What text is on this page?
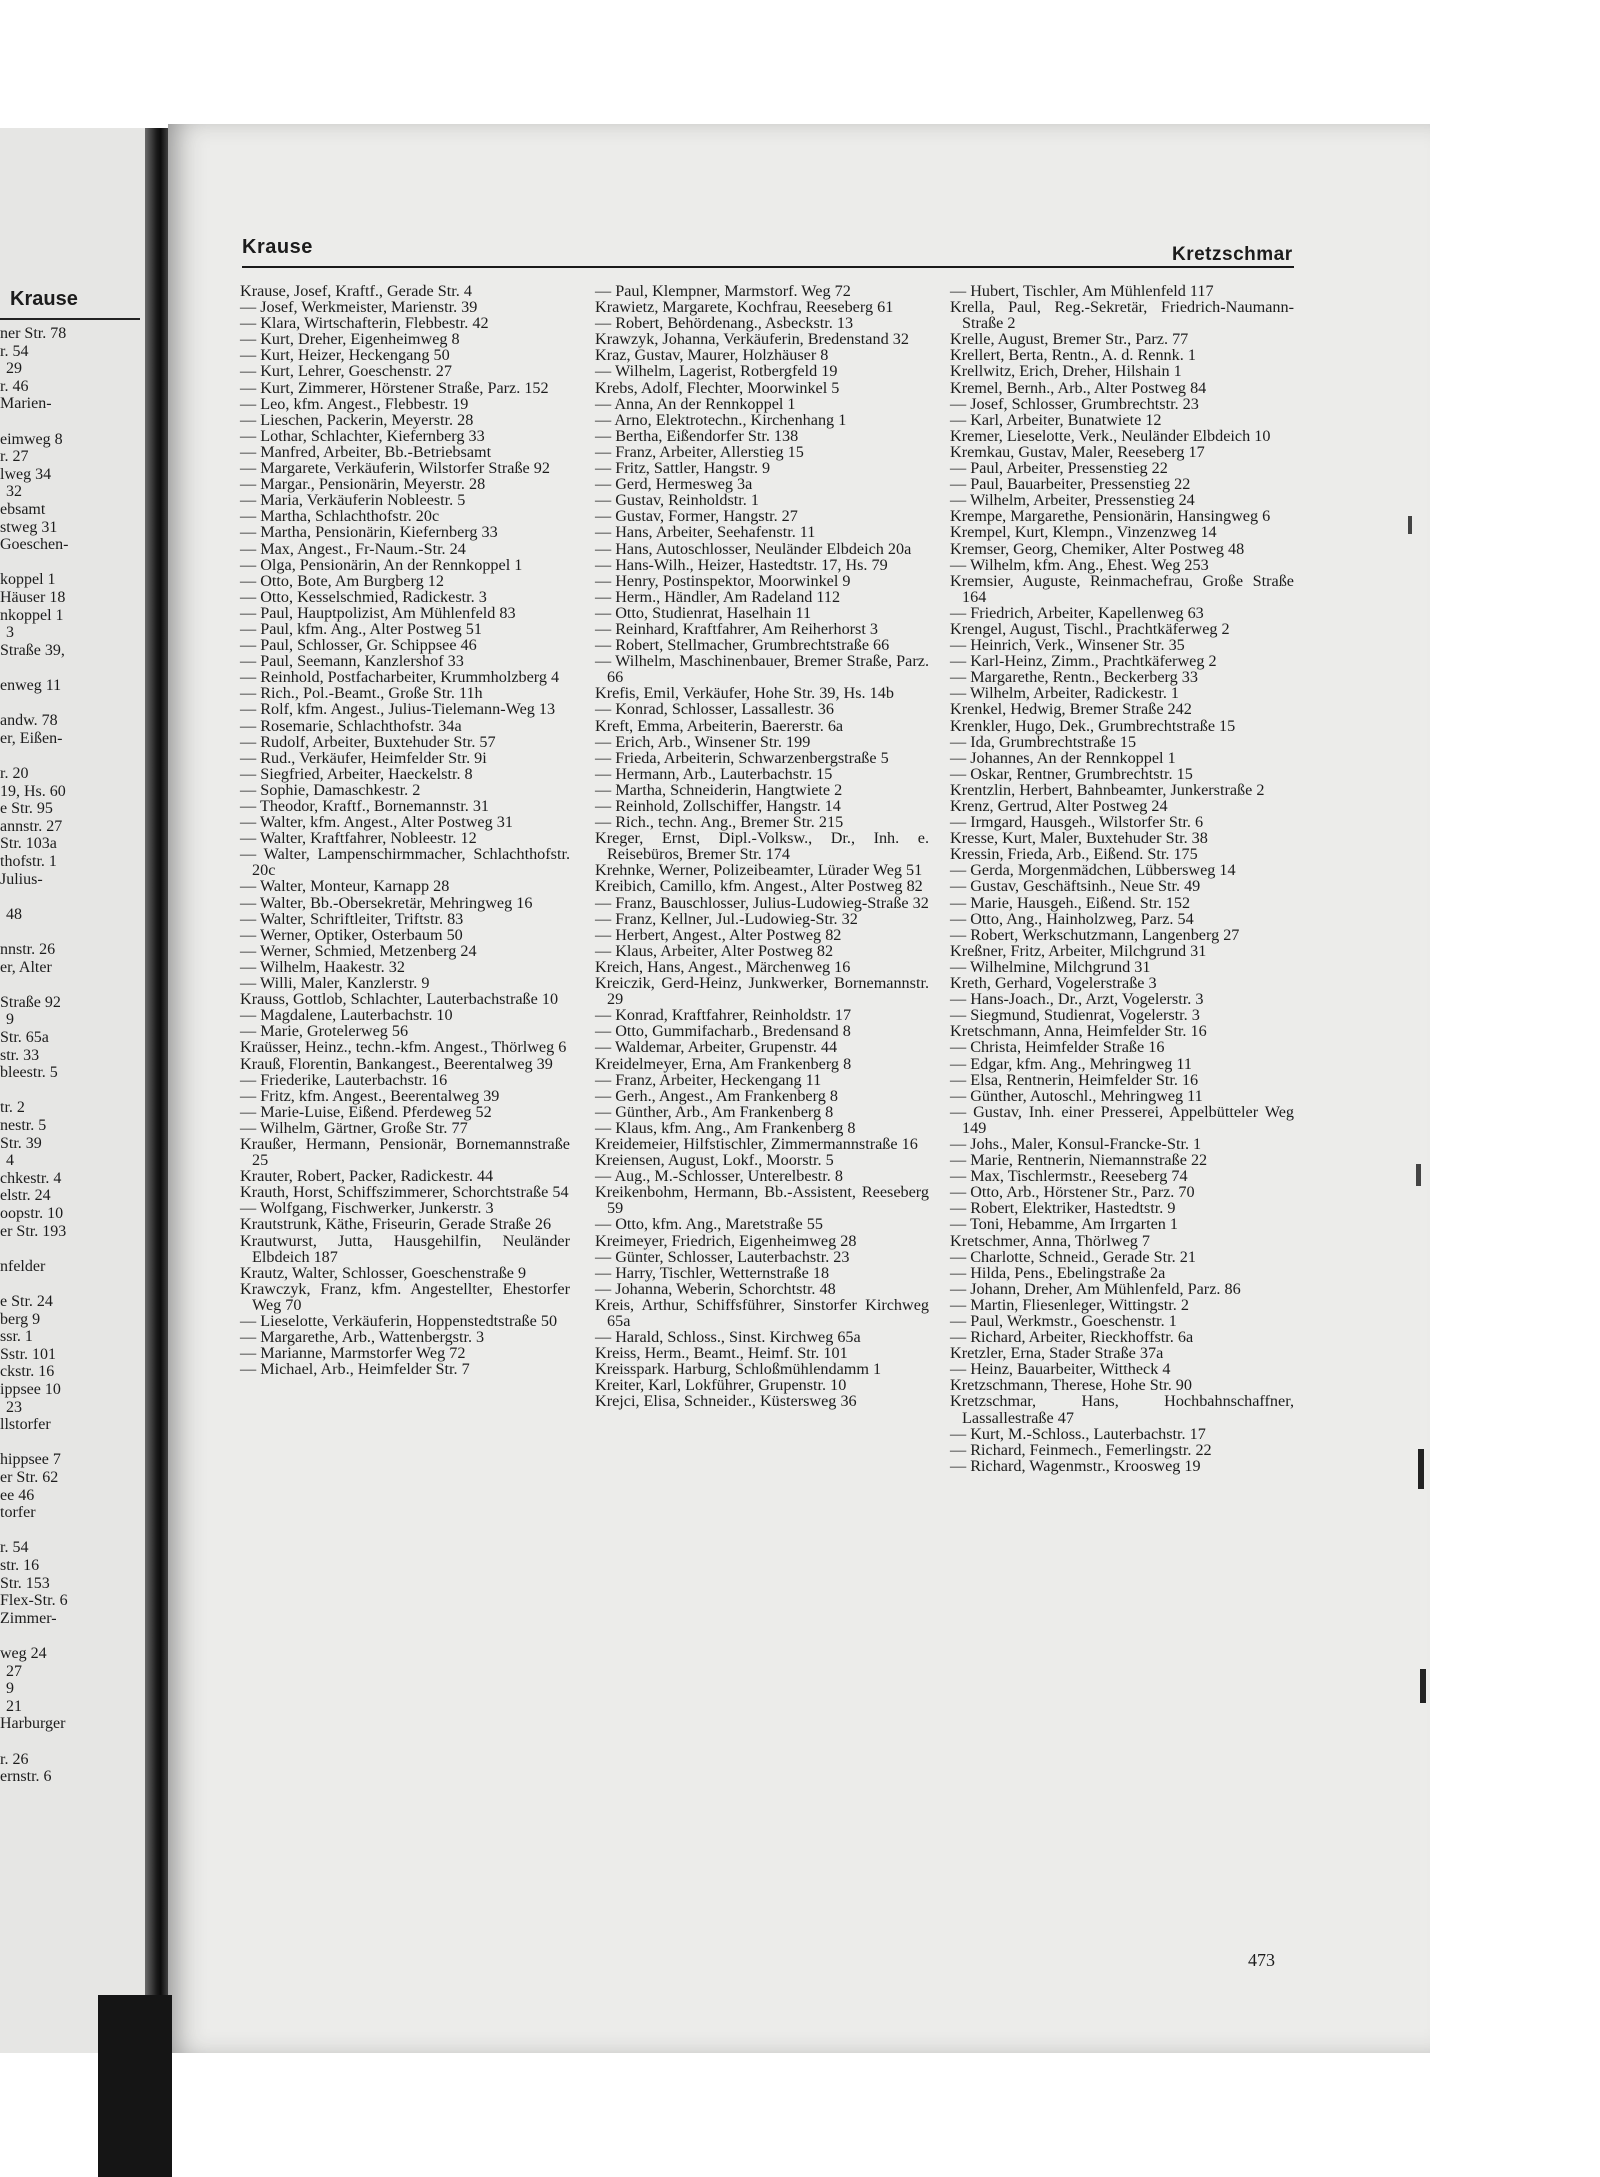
Krause
ner Str. 78
r. 54
29
r. 46
Marien-
eimweg 8
r. 27
lweg 34
32
ebsamt
stweg 31
Goeschen-
koppel 1
Häuser 18
nkoppel 1
3
Straße 39,
enweg 11
andw. 78
er, Eißen-
r. 20
19, Hs. 60
e Str. 95
annstr. 27
Str. 103a
thofstr. 1
Julius-
48
nnstr. 26
er, Alter
Straße 92
9
Str. 65a
str. 33
bleestr. 5
tr. 2
nestr. 5
Str. 39
4
chkestr. 4
elstr. 24
oopstr. 10
er Str. 193
nfelder
e Str. 24
berg 9
ssr. 1
Sstr. 101
ckstr. 16
ippsee 10
23
llstorfer
hippsee 7
er Str. 62
ee 46
torfer
r. 54
str. 16
Str. 153
Flex-Str. 6
Zimmer-
weg 24
27
9
21
Harburger
r. 26
ernstr. 6
Krause	Kretzschmar
Krause, Josef, Kraftf., Gerade Str. 4
— Josef, Werkmeister, Marienstr. 39
— Klara, Wirtschafterin, Flebbestr. 42
— Kurt, Dreher, Eigenheimweg 8
— Kurt, Heizer, Heckengang 50
— Kurt, Lehrer, Goeschenstr. 27
— Kurt, Zimmerer, Hörstener Straße, Parz. 152
— Leo, kfm. Angest., Flebbestr. 19
— Lieschen, Packerin, Meyerstr. 28
— Lothar, Schlachter, Kiefernberg 33
— Manfred, Arbeiter, Bb.-Betriebsamt
— Margarete, Verkäuferin, Wilstorfer Straße 92
— Margar., Pensionärin, Meyerstr. 28
— Maria, Verkäuferin Nobleestr. 5
— Martha, Schlachthofstr. 20c
— Martha, Pensionärin, Kiefernberg 33
— Max, Angest., Fr-Naum.-Str. 24
— Olga, Pensionärin, An der Rennkoppel 1
— Otto, Bote, Am Burgberg 12
— Otto, Kesselschmied, Radickestr. 3
— Paul, Hauptpolizist, Am Mühlenfeld 83
— Paul, kfm. Ang., Alter Postweg 51
— Paul, Schlosser, Gr. Schippsee 46
— Paul, Seemann, Kanzlershof 33
— Reinhold, Postfacharbeiter, Krummholzberg 4
— Rich., Pol.-Beamt., Große Str. 11h
— Rolf, kfm. Angest., Julius-Tielemann-Weg 13
— Rosemarie, Schlachthofstr. 34a
— Rudolf, Arbeiter, Buxtehuder Str. 57
— Rud., Verkäufer, Heimfelder Str. 9i
— Siegfried, Arbeiter, Haeckelstr. 8
— Sophie, Damaschkestr. 2
— Theodor, Kraftf., Bornemannstr. 31
— Walter, kfm. Angest., Alter Postweg 31
— Walter, Kraftfahrer, Nobleestr. 12
— Walter, Lampenschirmmacher, Schlachthofstr. 20c
— Walter, Monteur, Karnapp 28
— Walter, Bb.-Obersekretär, Mehringweg 16
— Walter, Schriftleiter, Triftstr. 83
— Werner, Optiker, Osterbaum 50
— Werner, Schmied, Metzenberg 24
— Wilhelm, Haakestr. 32
— Willi, Maler, Kanzlerstr. 9
Krauss, Gottlob, Schlachter, Lauterbachstraße 10
— Magdalene, Lauterbachstr. 10
— Marie, Grotelerweg 56
Kraüsser, Heinz., techn.-kfm. Angest., Thörlweg 6
Krauß, Florentin, Bankangest., Beerentalweg 39
— Friederike, Lauterbachstr. 16
— Fritz, kfm. Angest., Beerentalweg 39
— Marie-Luise, Eißend. Pferdeweg 52
— Wilhelm, Gärtner, Große Str. 77
Kraußer, Hermann, Pensionär, Bornemannstraße 25
Krauter, Robert, Packer, Radickestr. 44
Krauth, Horst, Schiffszimmerer, Schorchtstraße 54
— Wolfgang, Fischwerker, Junkerstr. 3
Krautstrunk, Käthe, Friseurin, Gerade Straße 26
Krautwurst, Jutta, Hausgehilfin, Neuländer Elbdeich 187
Krautz, Walter, Schlosser, Goeschenstraße 9
Krawczyk, Franz, kfm. Angestellter, Ehestorfer Weg 70
— Lieselotte, Verkäuferin, Hoppenstedtstraße 50
— Margarethe, Arb., Wattenbergstr. 3
— Marianne, Marmstorfer Weg 72
— Michael, Arb., Heimfelder Str. 7
— Paul, Klempner, Marmstorf. Weg 72
Krawietz, Margarete, Kochfrau, Reeseberg 61
— Robert, Behördenang., Asbeckstr. 13
Krawzyk, Johanna, Verkäuferin, Bredenstand 32
Kraz, Gustav, Maurer, Holzhäuser 8
— Wilhelm, Lagerist, Rotbergfeld 19
Krebs, Adolf, Flechter, Moorwinkel 5
— Anna, An der Rennkoppel 1
— Arno, Elektrotechn., Kirchenhang 1
— Bertha, Eißendorfer Str. 138
— Franz, Arbeiter, Allerstieg 15
— Fritz, Sattler, Hangstr. 9
— Gerd, Hermesweg 3a
— Gustav, Reinholdstr. 1
— Gustav, Former, Hangstr. 27
— Hans, Arbeiter, Seehafenstr. 11
— Hans, Autoschlosser, Neuländer Elbdeich 20a
— Hans-Wilh., Heizer, Hastedtstr. 17, Hs. 79
— Henry, Postinspektor, Moorwinkel 9
— Herm., Händler, Am Radeland 112
— Otto, Studienrat, Haselhain 11
— Reinhard, Kraftfahrer, Am Reiherhorst 3
— Robert, Stellmacher, Grumbrechtstraße 66
— Wilhelm, Maschinenbauer, Bremer Straße, Parz. 66
Krefis, Emil, Verkäufer, Hohe Str. 39, Hs. 14b
— Konrad, Schlosser, Lassallestr. 36
Kreft, Emma, Arbeiterin, Baererstr. 6a
— Erich, Arb., Winsener Str. 199
— Frieda, Arbeiterin, Schwarzenbergstraße 5
— Hermann, Arb., Lauterbachstr. 15
— Martha, Schneiderin, Hangtwiete 2
— Reinhold, Zollschiffer, Hangstr. 14
— Rich., techn. Ang., Bremer Str. 215
Kreger, Ernst, Dipl.-Volksw., Dr., Inh. e. Reisebüros, Bremer Str. 174
Krehnke, Werner, Polizeibeamter, Lürader Weg 51
Kreibich, Camillo, kfm. Angest., Alter Postweg 82
— Franz, Bauschlosser, Julius-Ludowieg-Straße 32
— Franz, Kellner, Jul.-Ludowieg-Str. 32
— Herbert, Angest., Alter Postweg 82
— Klaus, Arbeiter, Alter Postweg 82
Kreich, Hans, Angest., Märchenweg 16
Kreiczik, Gerd-Heinz, Junkwerker, Bornemannstr. 29
— Konrad, Kraftfahrer, Reinholdstr. 17
— Otto, Gummifacharb., Bredensand 8
— Waldemar, Arbeiter, Grupenstr. 44
Kreidelmeyer, Erna, Am Frankenberg 8
— Franz, Arbeiter, Heckengang 11
— Gerh., Angest., Am Frankenberg 8
— Günther, Arb., Am Frankenberg 8
— Klaus, kfm. Ang., Am Frankenberg 8
Kreidemeier, Hilfstischler, Zimmermannstraße 16
Kreiensen, August, Lokf., Moorstr. 5
— Aug., M.-Schlosser, Unterelbestr. 8
Kreikenbohm, Hermann, Bb.-Assistent, Reeseberg 59
— Otto, kfm. Ang., Maretstraße 55
Kreimeyer, Friedrich, Eigenheimweg 28
— Günter, Schlosser, Lauterbachstr. 23
— Harry, Tischler, Wetternstraße 18
— Johanna, Weberin, Schorchtstr. 48
Kreis, Arthur, Schiffsführer, Sinstorfer Kirchweg 65a
— Harald, Schloss., Sinst. Kirchweg 65a
Kreiss, Herm., Beamt., Heimf. Str. 101
Kreisspark. Harburg, Schloßmühlendamm 1
Kreiter, Karl, Lokführer, Grupenstr. 10
Krejci, Elisa, Schneider., Küstersweg 36
— Hubert, Tischler, Am Mühlenfeld 117
Krella, Paul, Reg.-Sekretär, Friedrich-Naumann-Straße 2
Krelle, August, Bremer Str., Parz. 77
Krellert, Berta, Rentn., A. d. Rennk. 1
Krellwitz, Erich, Dreher, Hilshain 1
Kremel, Bernh., Arb., Alter Postweg 84
— Josef, Schlosser, Grumbrechtstr. 23
— Karl, Arbeiter, Bunatwiete 12
Kremer, Lieselotte, Verk., Neuländer Elbdeich 10
Kremkau, Gustav, Maler, Reeseberg 17
— Paul, Arbeiter, Pressenstieg 22
— Paul, Bauarbeiter, Pressenstieg 22
— Wilhelm, Arbeiter, Pressenstieg 24
Krempe, Margarethe, Pensionärin, Hansingweg 6
Krempel, Kurt, Klempn., Vinzenzweg 14
Kremser, Georg, Chemiker, Alter Postweg 48
— Wilhelm, kfm. Ang., Ehest. Weg 253
Kremsier, Auguste, Reinmachefrau, Große Straße 164
— Friedrich, Arbeiter, Kapellenweg 63
Krengel, August, Tischl., Prachtkäferweg 2
— Heinrich, Verk., Winsener Str. 35
— Karl-Heinz, Zimm., Prachtkäferweg 2
— Margarethe, Rentn., Beckerberg 33
— Wilhelm, Arbeiter, Radickestr. 1
Krenkel, Hedwig, Bremer Straße 242
Krenkler, Hugo, Dek., Grumbrechtstraße 15
— Ida, Grumbrechtstraße 15
— Johannes, An der Rennkoppel 1
— Oskar, Rentner, Grumbrechtstr. 15
Krentzlin, Herbert, Bahnbeamter, Junkerstraße 2
Krenz, Gertrud, Alter Postweg 24
— Irmgard, Hausgeh., Wilstorfer Str. 6
Kresse, Kurt, Maler, Buxtehuder Str. 38
Kressin, Frieda, Arb., Eißend. Str. 175
— Gerda, Morgenmädchen, Lübbersweg 14
— Gustav, Geschäftsinh., Neue Str. 49
— Marie, Hausgeh., Eißend. Str. 152
— Otto, Ang., Hainholzweg, Parz. 54
— Robert, Werkschutzmann, Langenberg 27
Kreßner, Fritz, Arbeiter, Milchgrund 31
— Wilhelmine, Milchgrund 31
Kreth, Gerhard, Vogelerstraße 3
— Hans-Joach., Dr., Arzt, Vogelerstr. 3
— Siegmund, Studienrat, Vogelerstr. 3
Kretschmann, Anna, Heimfelder Str. 16
— Christa, Heimfelder Straße 16
— Edgar, kfm. Ang., Mehringweg 11
— Elsa, Rentnerin, Heimfelder Str. 16
— Günther, Autoschl., Mehringweg 11
— Gustav, Inh. einer Presserei, Appelbütteler Weg 149
— Johs., Maler, Konsul-Francke-Str. 1
— Marie, Rentnerin, Niemannstraße 22
— Max, Tischlermstr., Reeseberg 74
— Otto, Arb., Hörstener Str., Parz. 70
— Robert, Elektriker, Hastedtstr. 9
— Toni, Hebamme, Am Irrgarten 1
Kretschmer, Anna, Thörlweg 7
— Charlotte, Schneid., Gerade Str. 21
— Hilda, Pens., Ebelingstraße 2a
— Johann, Dreher, Am Mühlenfeld, Parz. 86
— Martin, Fliesenleger, Wittingstr. 2
— Paul, Werkmstr., Goeschenstr. 1
— Richard, Arbeiter, Rieckhoffstr. 6a
Kretzler, Erna, Stader Straße 37a
— Heinz, Bauarbeiter, Wittheck 4
Kretzschmann, Therese, Hohe Str. 90
Kretzschmar, Hans, Hochbahnschaffner, Lassallestraße 47
— Kurt, M.-Schloss., Lauterbachstr. 17
— Richard, Feinmech., Femerlingstr. 22
— Richard, Wagenmstr., Kroosweg 19
473
